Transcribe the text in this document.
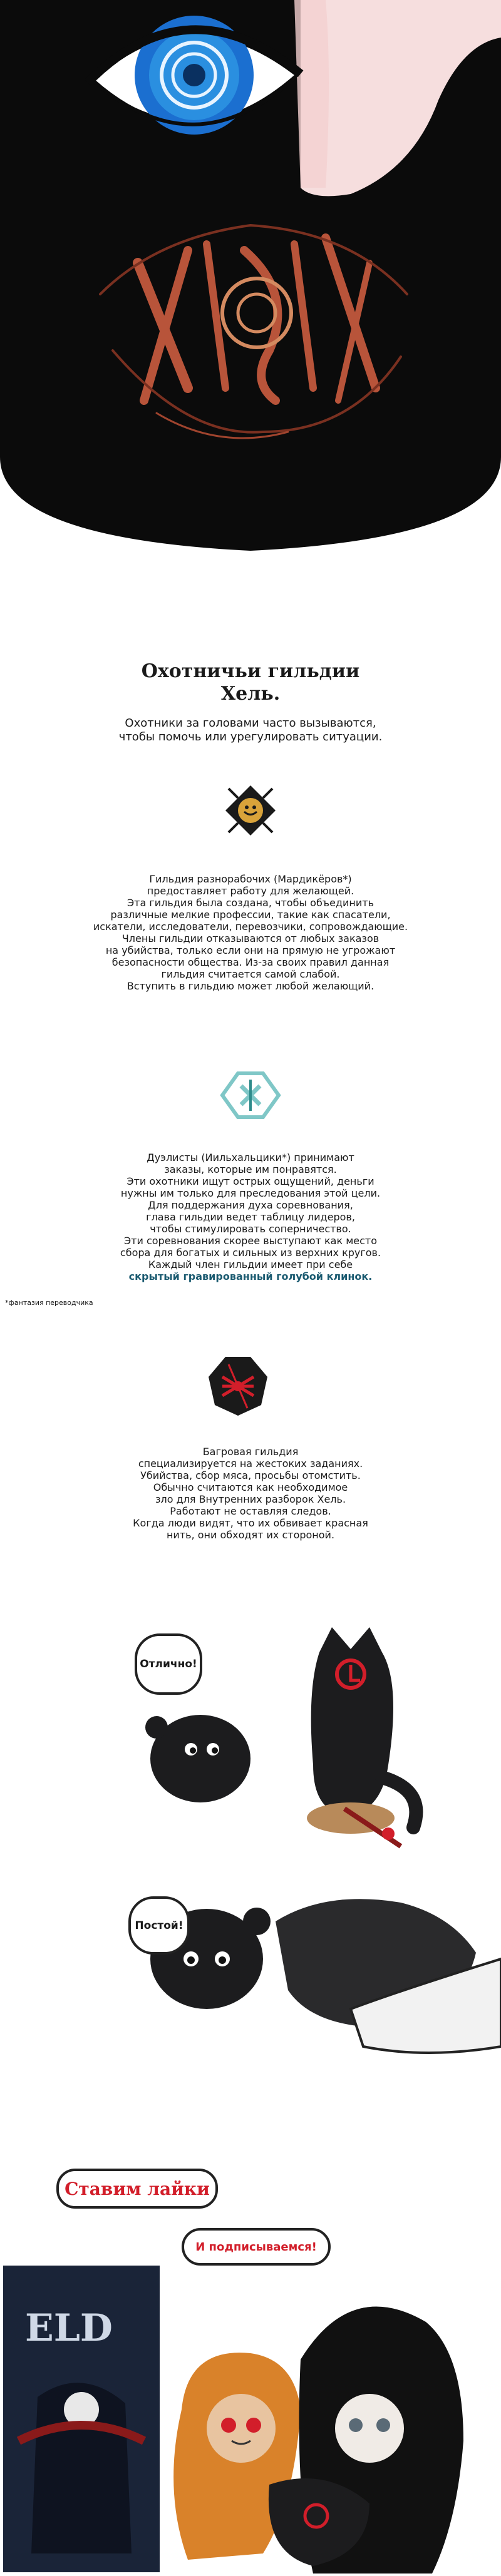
Охотничьи гильдии
Хель.
Охотники за головами часто вызываются,
чтобы помочь или урегулировать ситуации.
Гильдия разнорабочих (Мардикёров*)
предоставляет работу для желающей.
Эта гильдия была создана, чтобы объединить
различные мелкие профессии, такие как спасатели,
искатели, исследователи, перевозчики, сопровождающие.
Члены гильдии отказываются от любых заказов
на убийства, только если они на прямую не угрожают
безопасности общества. Из-за своих правил данная
гильдия считается самой слабой.
Вступить в гильдию может любой желающий.
Дуэлисты (Иильхальцики*) принимают
заказы, которые им понравятся.
Эти охотники ищут острых ощущений, деньги
нужны им только для преследования этой цели.
Для поддержания духа соревнования,
глава гильдии ведет таблицу лидеров,
чтобы стимулировать соперничество.
Эти соревнования скорее выступают как место
сбора для богатых и сильных из верхних кругов.
Каждый член гильдии имеет при себе
скрытый гравированный голубой клинок.
*фантазия переводчика
Багровая гильдия
специализируется на жестоких заданиях.
Убийства, сбор мяса, просьбы отомстить.
Обычно считаются как необходимое
зло для Внутренних разборок Хель.
Работают не оставляя следов.
Когда люди видят, что их обвивает красная
нить, они обходят их стороной.
Отлично!
Постой!
ELD
Ставим лайки
И подписываемся!
